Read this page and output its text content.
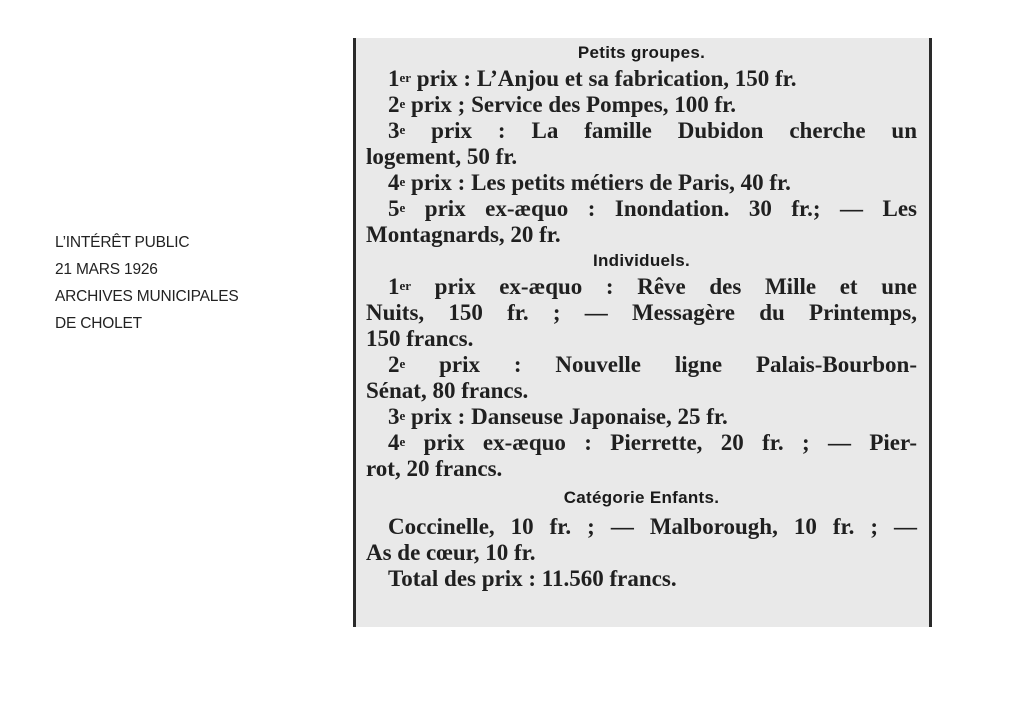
L’INTÉRÊT PUBLIC
21 MARS 1926
ARCHIVES MUNICIPALES
DE CHOLET
Petits groupes.
1er prix : L’Anjou et sa fabrication, 150 fr.
2e prix ; Service des Pompes, 100 fr.
3e prix : La famille Dubidon cherche un
logement, 50 fr.
4e prix : Les petits métiers de Paris, 40 fr.
5e prix ex-æquo : Inondation. 30 fr.; — Les
Montagnards, 20 fr.
Individuels.
1er prix ex-æquo : Rêve des Mille et une
Nuits, 150 fr. ; — Messagère du Printemps,
150 francs.
2e prix : Nouvelle ligne Palais-Bourbon-
Sénat, 80 francs.
3e prix : Danseuse Japonaise, 25 fr.
4e prix ex-æquo : Pierrette, 20 fr. ; — Pier-
rot, 20 francs.
Catégorie Enfants.
Coccinelle, 10 fr. ; — Malborough, 10 fr. ; —
As de cœur, 10 fr.
Total des prix : 11.560 francs.
